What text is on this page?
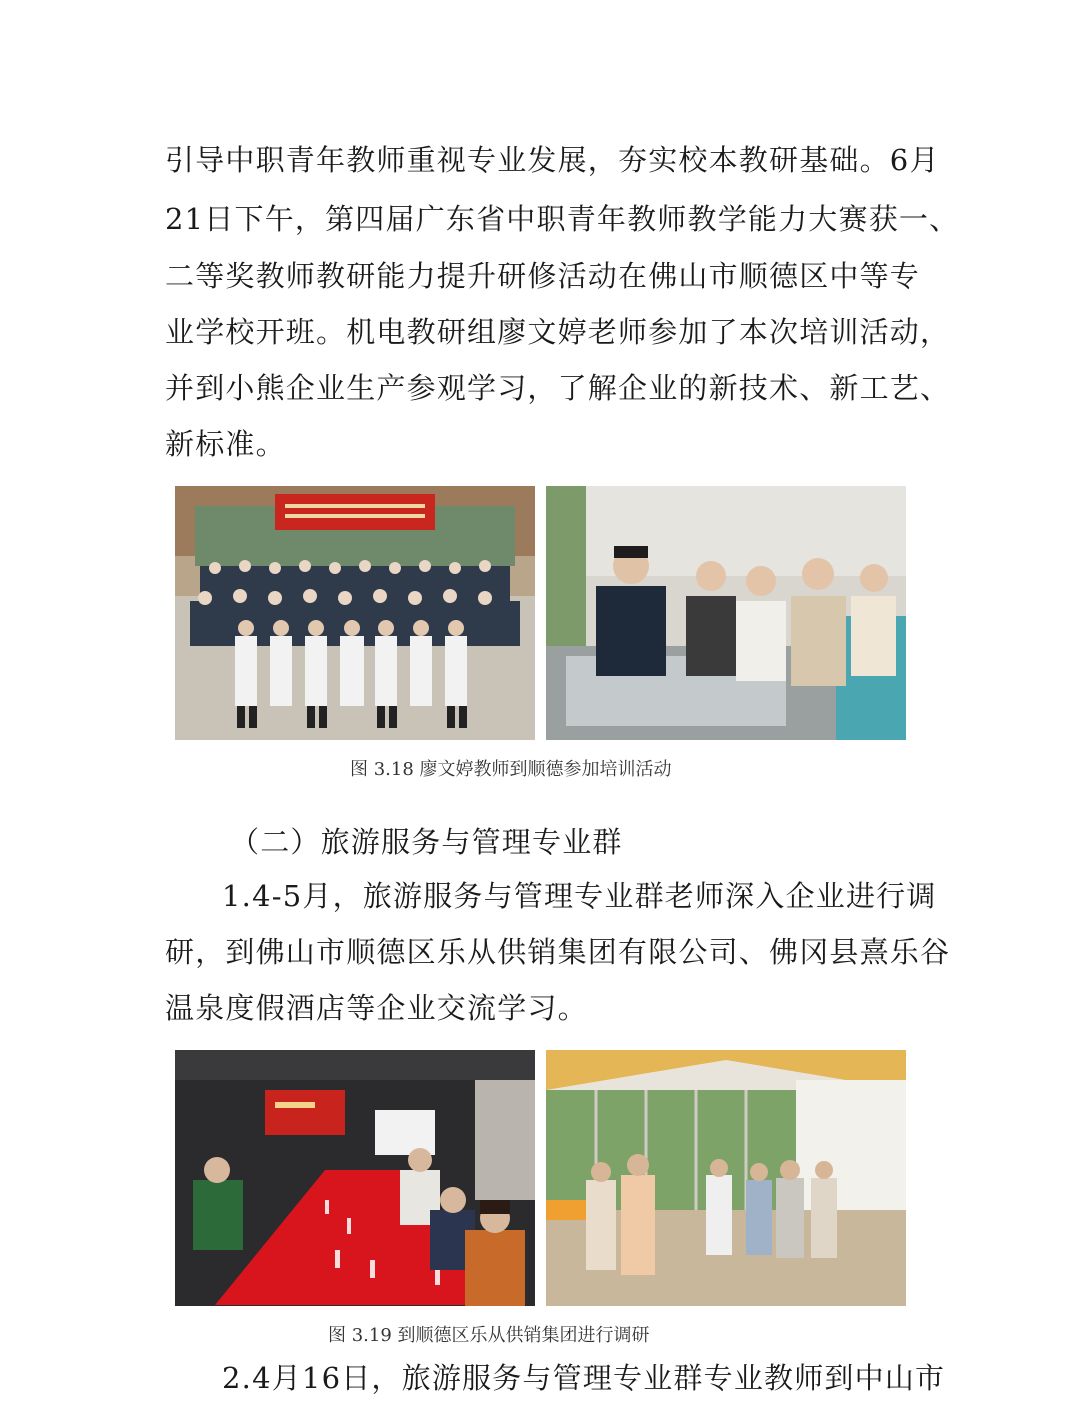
引导中职青年教师重视专业发展，夯实校本教研基础。6月
21日下午，第四届广东省中职青年教师教学能力大赛获一、
二等奖教师教研能力提升研修活动在佛山市顺德区中等专
业学校开班。机电教研组廖文婷老师参加了本次培训活动，
并到小熊企业生产参观学习，了解企业的新技术、新工艺、
新标准。
图 3.18 廖文婷教师到顺德参加培训活动
（二）旅游服务与管理专业群
1.4-5月，旅游服务与管理专业群老师深入企业进行调
研，到佛山市顺德区乐从供销集团有限公司、佛冈县熹乐谷
温泉度假酒店等企业交流学习。
图 3.19 到顺德区乐从供销集团进行调研
2.4月16日，旅游服务与管理专业群专业教师到中山市
